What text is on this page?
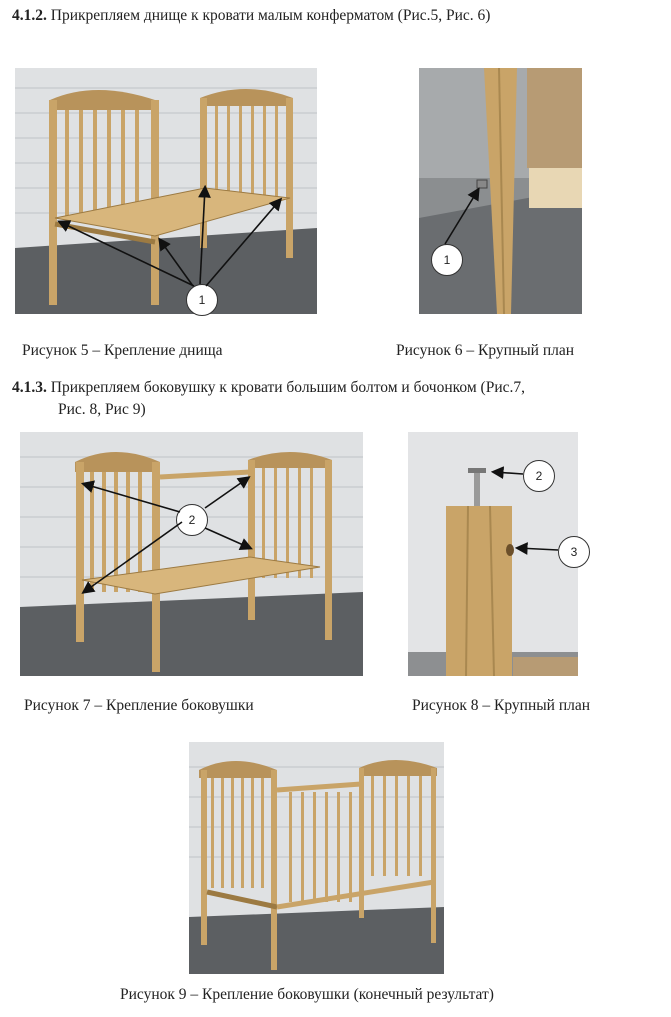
4.1.2. Прикрепляем днище к кровати малым конферматом (Рис.5, Рис. 6)
4.1.3. Прикрепляем боковушку к кровати большим болтом и бочонком (Рис.7,
Рис. 8, Рис 9)
1
Рисунок 5 – Крепление днища
1
Рисунок 6 – Крупный план
2
Рисунок 7 – Крепление боковушки
2
3
Рисунок 8 – Крупный план
Рисунок 9 – Крепление боковушки (конечный результат)
